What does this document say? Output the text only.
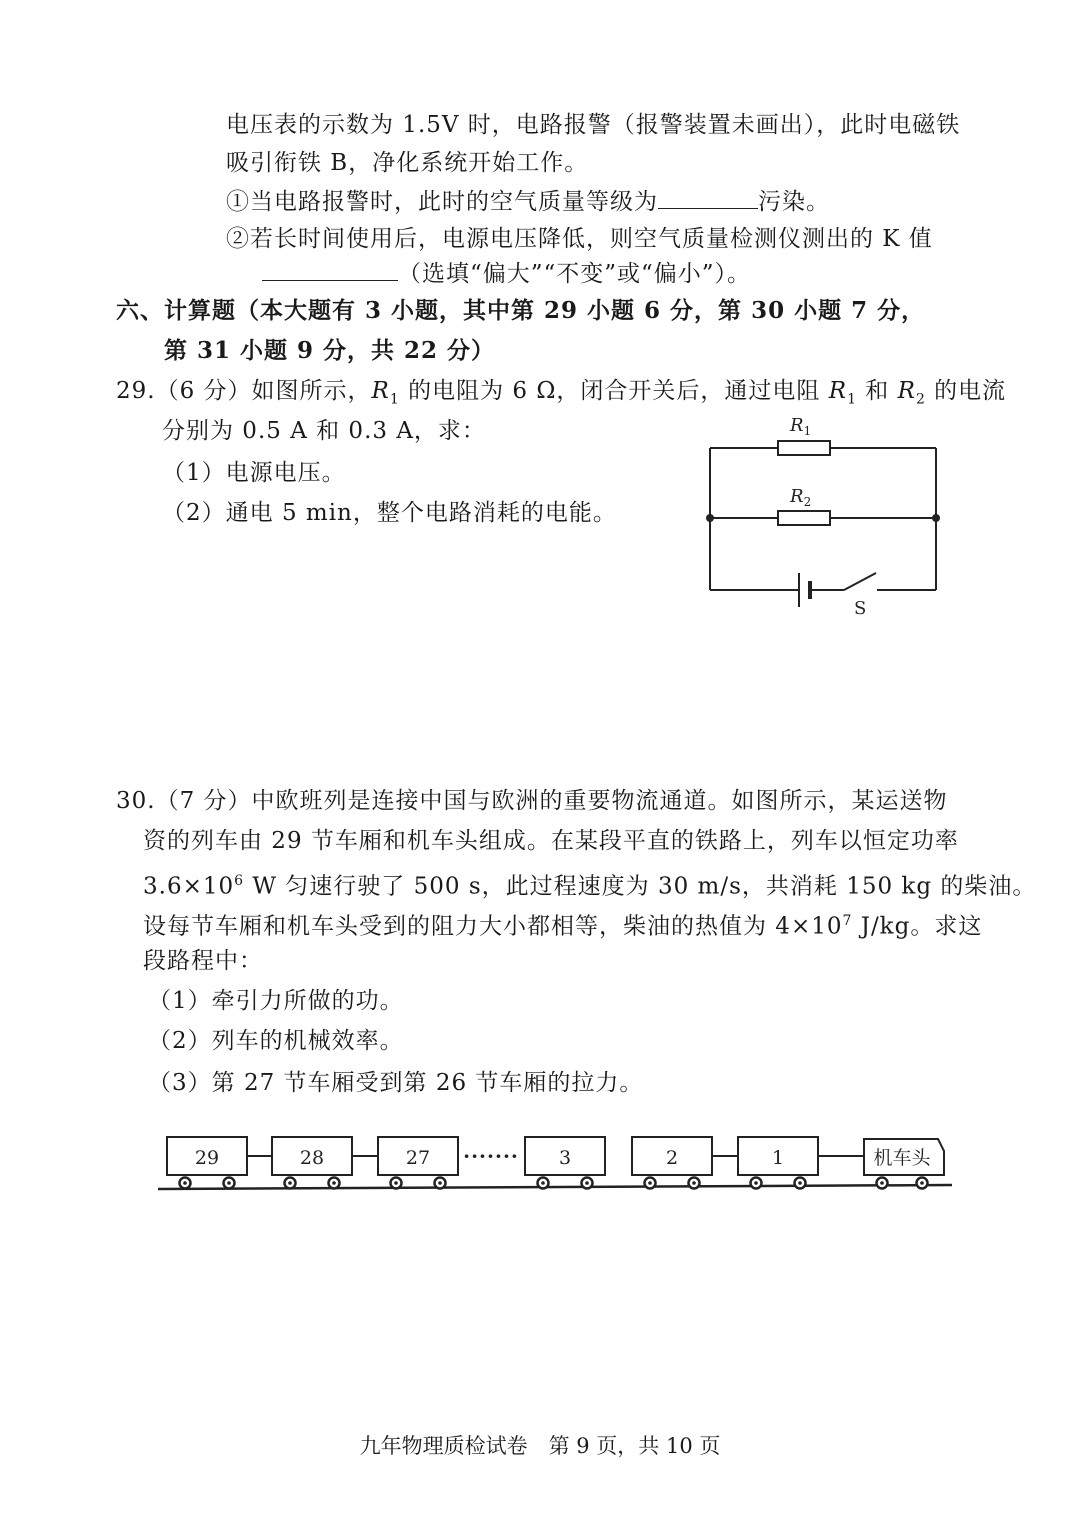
电压表的示数为 1.5V 时，电路报警（报警装置未画出），此时电磁铁
吸引衔铁 B，净化系统开始工作。
①当电路报警时，此时的空气质量等级为	污染。
②若长时间使用后，电源电压降低，则空气质量检测仪测出的 K 值
（选填“偏大”“不变”或“偏小”）。
六、计算题（本大题有 3 小题，其中第 29 小题 6 分，第 30 小题 7 分，
第 31 小题 9 分，共 22 分）
29.（6 分）如图所示，$R_1$ 的电阻为 6 Ω，闭合开关后，通过电阻 $R_1$ 和 $R_2$ 的电流
分别为 0.5 A 和 0.3 A，求：
（1）电源电压。
（2）通电 5 min，整个电路消耗的电能。
$R_1$
$R_2$
S
30.（7 分）中欧班列是连接中国与欧洲的重要物流通道。如图所示，某运送物
资的列车由 29 节车厢和机车头组成。在某段平直的铁路上，列车以恒定功率
$3.6\times 10^6$ W 匀速行驶了 500 s，此过程速度为 30 m/s，共消耗 150 kg 的柴油。
设每节车厢和机车头受到的阻力大小都相等，柴油的热值为 $4\times 10^7$ J/kg。求这
段路程中：
（1）牵引力所做的功。
（2）列车的机械效率。
（3）第 27 节车厢受到第 26 节车厢的拉力。
29	28	27	3	2	1
·······	机车头
九年物理质检试卷　第 9 页，共 10 页
